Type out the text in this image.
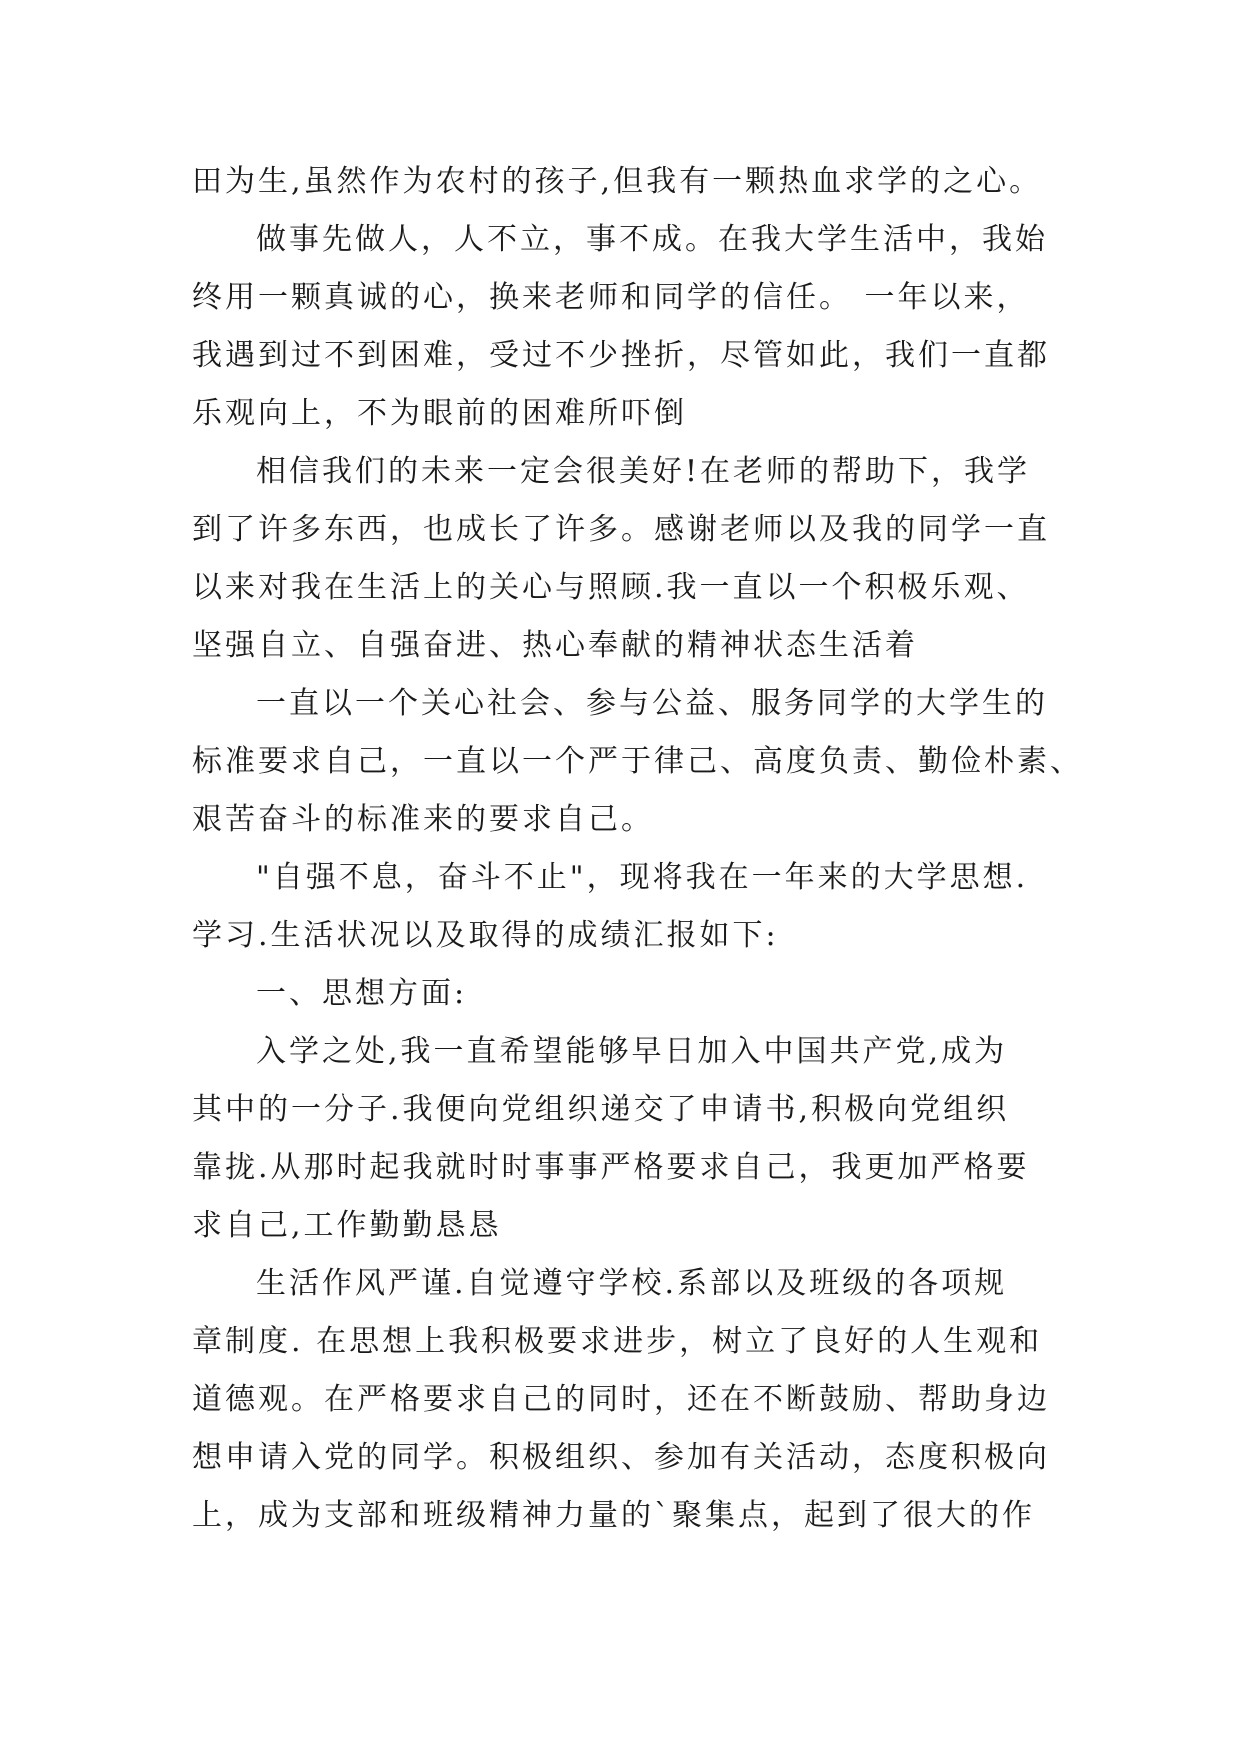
田为生,虽然作为农村的孩子,但我有一颗热血求学的之心。
做事先做人，人不立，事不成。在我大学生活中，我始
终用一颗真诚的心，换来老师和同学的信任。 一年以来，
我遇到过不到困难，受过不少挫折，尽管如此，我们一直都
乐观向上，不为眼前的困难所吓倒
相信我们的未来一定会很美好!在老师的帮助下，我学
到了许多东西，也成长了许多。感谢老师以及我的同学一直
以来对我在生活上的关心与照顾.我一直以一个积极乐观、
坚强自立、自强奋进、热心奉献的精神状态生活着
一直以一个关心社会、参与公益、服务同学的大学生的
标准要求自己，一直以一个严于律己、高度负责、勤俭朴素、
艰苦奋斗的标准来的要求自己。
"自强不息，奋斗不止"，现将我在一年来的大学思想.
学习.生活状况以及取得的成绩汇报如下:
一、思想方面:
入学之处,我一直希望能够早日加入中国共产党,成为
其中的一分子.我便向党组织递交了申请书,积极向党组织
靠拢.从那时起我就时时事事严格要求自己，我更加严格要
求自己,工作勤勤恳恳
生活作风严谨.自觉遵守学校.系部以及班级的各项规
章制度. 在思想上我积极要求进步，树立了良好的人生观和
道德观。在严格要求自己的同时，还在不断鼓励、帮助身边
想申请入党的同学。积极组织、参加有关活动，态度积极向
上，成为支部和班级精神力量的`聚集点，起到了很大的作
